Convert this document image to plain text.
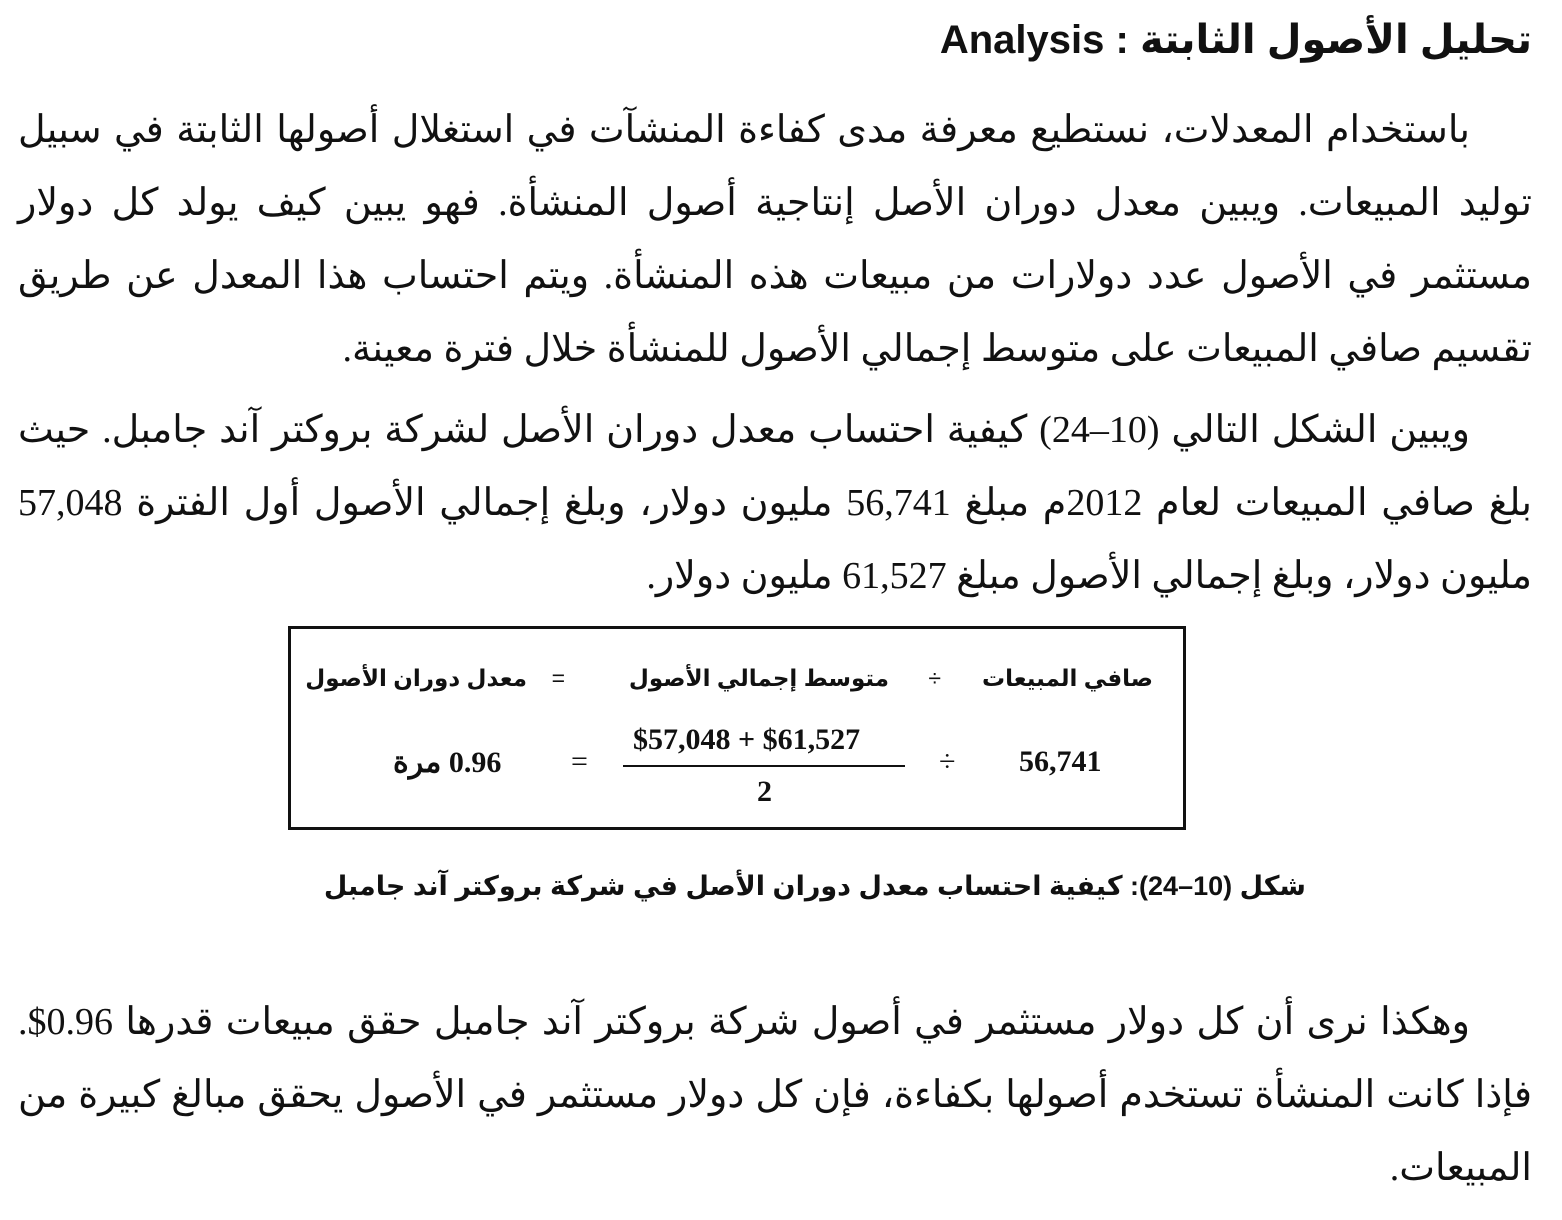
تحليل الأصول الثابتة : Analysis
باستخدام المعدلات، نستطيع معرفة مدى كفاءة المنشآت في استغلال أصولها الثابتة في سبيل توليد المبيعات. ويبين معدل دوران الأصل إنتاجية أصول المنشأة. فهو يبين كيف يولد كل دولار مستثمر في الأصول عدد دولارات من مبيعات هذه المنشأة. ويتم احتساب هذا المعدل عن طريق تقسيم صافي المبيعات على متوسط إجمالي الأصول للمنشأة خلال فترة معينة.
ويبين الشكل التالي (10–24) كيفية احتساب معدل دوران الأصل لشركة بروكتر آند جامبل. حيث بلغ صافي المبيعات لعام 2012م مبلغ 56,741 مليون دولار، وبلغ إجمالي الأصول أول الفترة 57,048 مليون دولار، وبلغ إجمالي الأصول مبلغ 61,527 مليون دولار.
صافي المبيعات
÷
متوسط إجمالي الأصول
=
معدل دوران الأصول
56,741
÷
$57,048 + $61,527
2
=
0.96 مرة
شكل (10–24): كيفية احتساب معدل دوران الأصل في شركة بروكتر آند جامبل
وهكذا نرى أن كل دولار مستثمر في أصول شركة بروكتر آند جامبل حقق مبيعات قدرها 0.96$. فإذا كانت المنشأة تستخدم أصولها بكفاءة، فإن كل دولار مستثمر في الأصول يحقق مبالغ كبيرة من المبيعات.
